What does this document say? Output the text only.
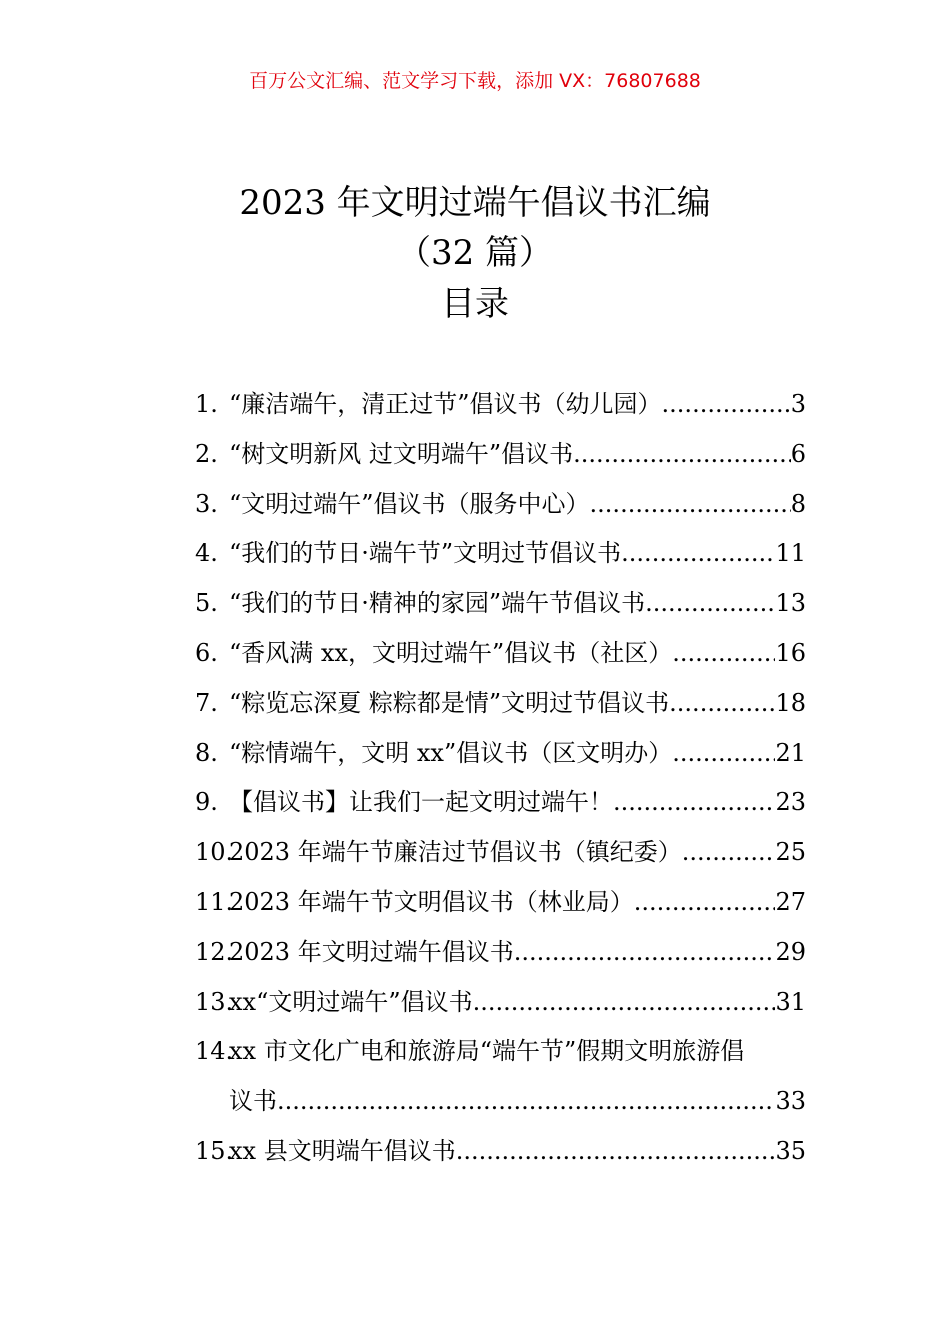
百万公文汇编、范文学习下载，添加 VX：76807688
2023 年文明过端午倡议书汇编
（32 篇）
目录
1. “廉洁端午，清正过节”倡议书（幼儿园） .....	3
2. “树文明新风 过文明端午”倡议书 .....	6
3. “文明过端午”倡议书（服务中心） .....	8
4. “我们的节日·端午节”文明过节倡议书 .....	11
5. “我们的节日·精神的家园”端午节倡议书 .....	13
6. “香风满 xx，文明过端午”倡议书（社区） .....	16
7. “粽览忘深夏 粽粽都是情”文明过节倡议书 .....	18
8. “粽情端午，文明 xx”倡议书（区文明办） .....	21
9. 【倡议书】让我们一起文明过端午！ .....	23
10.
2023 年端午节廉洁过节倡议书（镇纪委） .....	25
11.
2023 年端午节文明倡议书（林业局） .....	27
12.
2023 年文明过端午倡议书 .....	29
13.
xx“文明过端午”倡议书 .....	31
14.
xx 市文化广电和旅游局“端午节”假期文明旅游倡
议书 .....	33
15.
xx 县文明端午倡议书 .....	35
